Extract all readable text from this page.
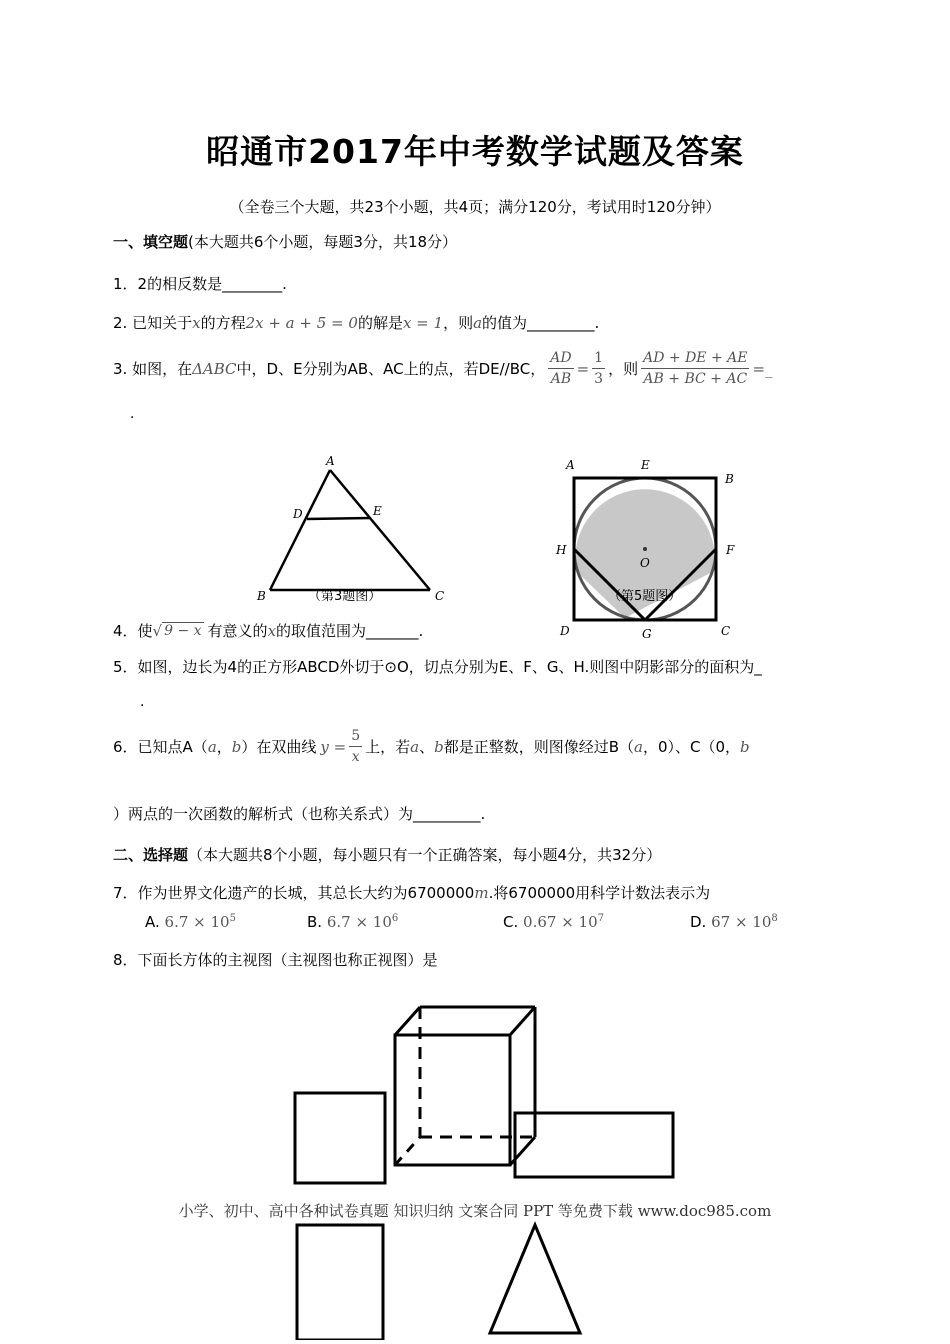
昭通市2017年中考数学试题及答案
（全卷三个大题，共23个小题，共4页；满分120分，考试用时120分钟）
一、填空题(本大题共6个小题，每题3分，共18分）
1．2的相反数是________.
2. 已知关于x的方程2x + a + 5 = 0的解是x = 1，则a的值为_________.
3. 如图，在 ΔABC 中，D、E分别为AB、AC上的点，若DE//BC， $\frac{AD}{AB} = \frac{1}{3}$ ，则 $\frac{AD + DE + AE}{AB + BC + AC}$ =_
.
A
B	C
D	E
（第3题图）	（第5题图）
A	E
B
H	F
O
D	G	C
4．使 √ 9 − x 有意义的 x 的取值范围为_______.
5．如图，边长为4的正方形ABCD外切于⊙O，切点分别为E、F、G、H.则图中阴影部分的面积为_
.
6．已知点A（ a ， b ）在双曲线 $y = \frac{5}{x}$ 上，若 a 、 b 都是正整数，则图像经过B（ a ，0）、C（0， b
）两点的一次函数的解析式（也称关系式）为_________.
二、选择题（本大题共8个小题，每小题只有一个正确答案，每小题4分，共32分）
7．作为世界文化遗产的长城，其总长大约为6700000m.将6700000用科学计数法表示为
A. $6.7 \times 10^5$	B. $6.7 \times 10^6$	C. $0.67 \times 10^7$	D. $67 \times 10^8$
8．下面长方体的主视图（主视图也称正视图）是
小学、初中、高中各种试卷真题 知识归纳 文案合同 PPT 等免费下载 www.doc985.com
